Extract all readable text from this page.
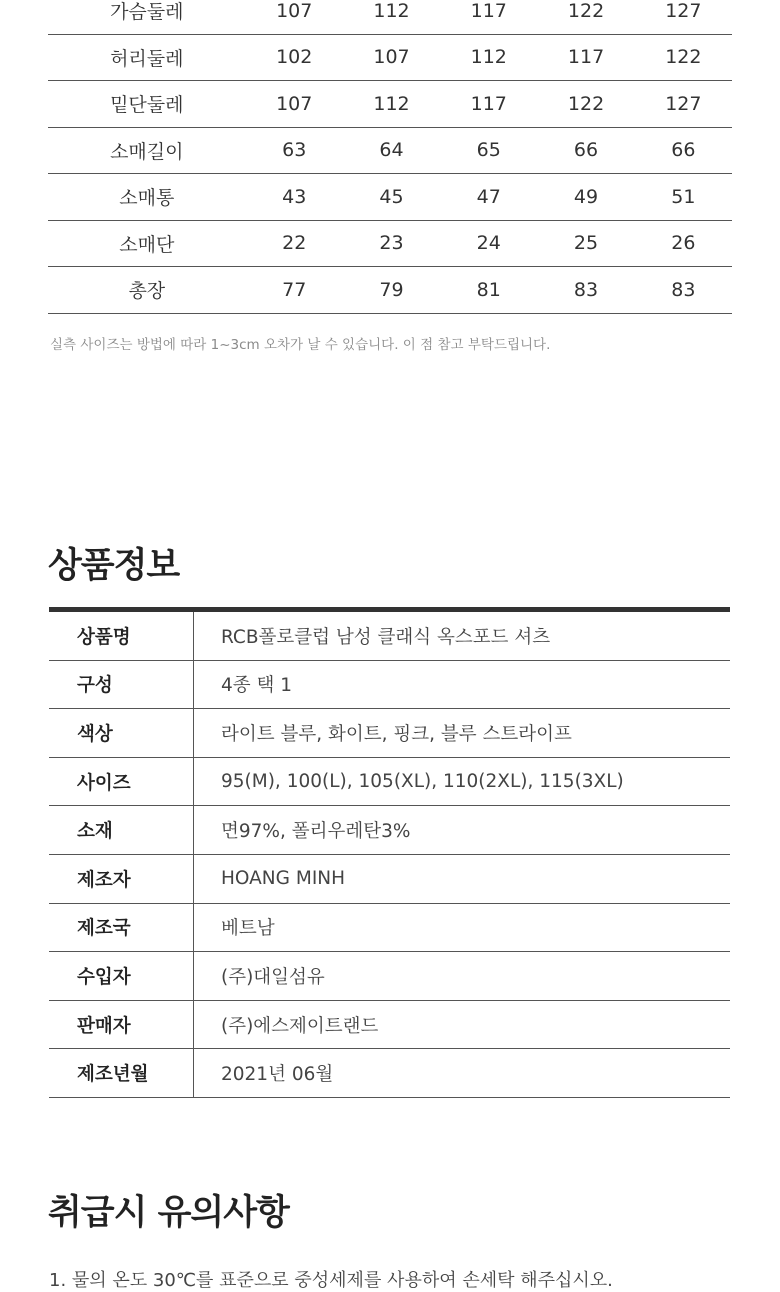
가슴둘레	107	112	117	122	127
허리둘레	102	107	112	117	122
밑단둘레	107	112	117	122	127
소매길이	63	64	65	66	66
소매통	43	45	47	49	51
소매단	22	23	24	25	26
총장	77	79	81	83	83
실측 사이즈는 방법에 따라 1~3cm 오차가 날 수 있습니다. 이 점 참고 부탁드립니다.
상품정보
상품명	RCB폴로클럽 남성 클래식 옥스포드 셔츠
구성	4종 택 1
색상	라이트 블루, 화이트, 핑크, 블루 스트라이프
사이즈	95(M), 100(L), 105(XL), 110(2XL), 115(3XL)
소재	면97%, 폴리우레탄3%
제조자	HOANG MINH
제조국	베트남
수입자	(주)대일섬유
판매자	(주)에스제이트랜드
제조년월	2021년 06월
취급시 유의사항
1. 물의 온도 30℃를 표준으로 중성세제를 사용하여 손세탁 해주십시오.
